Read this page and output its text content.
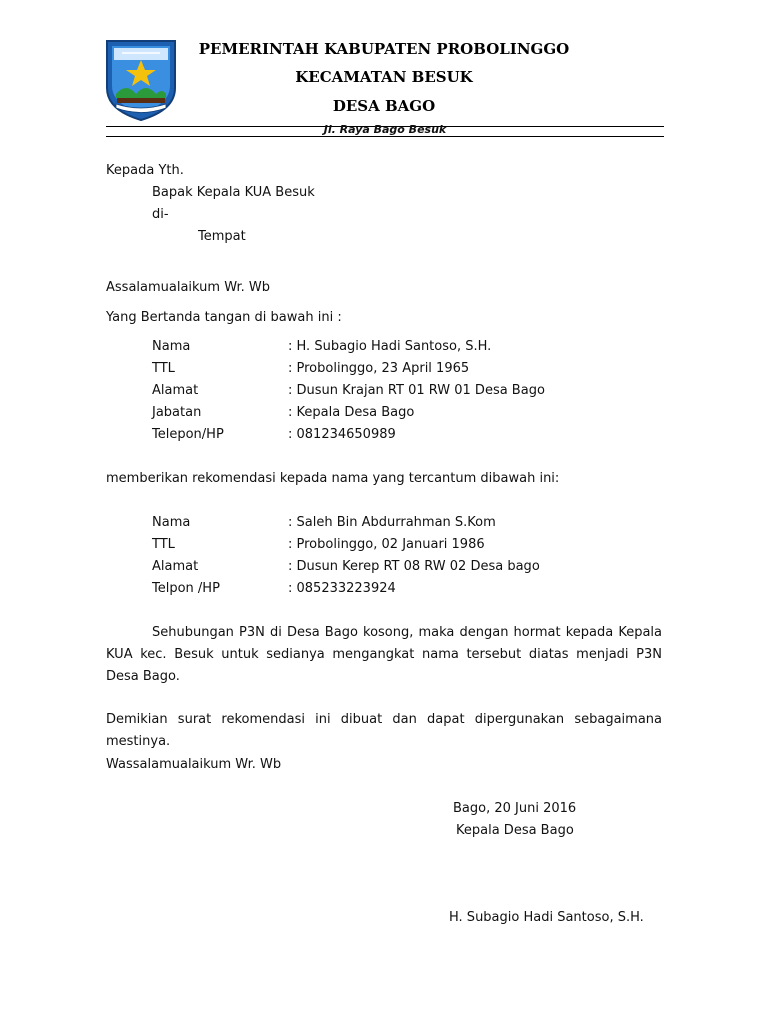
PEMERINTAH KABUPATEN PROBOLINGGO
KECAMATAN BESUK
DESA BAGO
Jl. Raya Bago Besuk
Kepada Yth.
Bapak Kepala KUA Besuk
di-
Tempat
Assalamualaikum Wr. Wb
Yang Bertanda tangan di bawah ini :
Nama	: H. Subagio Hadi Santoso, S.H.
TTL	: Probolinggo, 23 April 1965
Alamat	: Dusun Krajan RT 01 RW 01 Desa Bago
Jabatan	: Kepala Desa Bago
Telepon/HP	: 081234650989
memberikan rekomendasi kepada nama yang tercantum dibawah ini:
Nama	: Saleh Bin Abdurrahman S.Kom
TTL	: Probolinggo, 02 Januari 1986
Alamat	: Dusun Kerep RT 08 RW 02 Desa bago
Telpon /HP	: 085233223924
Sehubungan P3N di Desa Bago kosong, maka dengan hormat kepada Kepala KUA kec. Besuk untuk sedianya mengangkat nama tersebut diatas menjadi P3N Desa Bago.
Demikian surat rekomendasi ini dibuat dan dapat dipergunakan sebagaimana mestinya.
Wassalamualaikum Wr. Wb
Bago, 20 Juni 2016
Kepala Desa Bago
H. Subagio Hadi Santoso, S.H.
